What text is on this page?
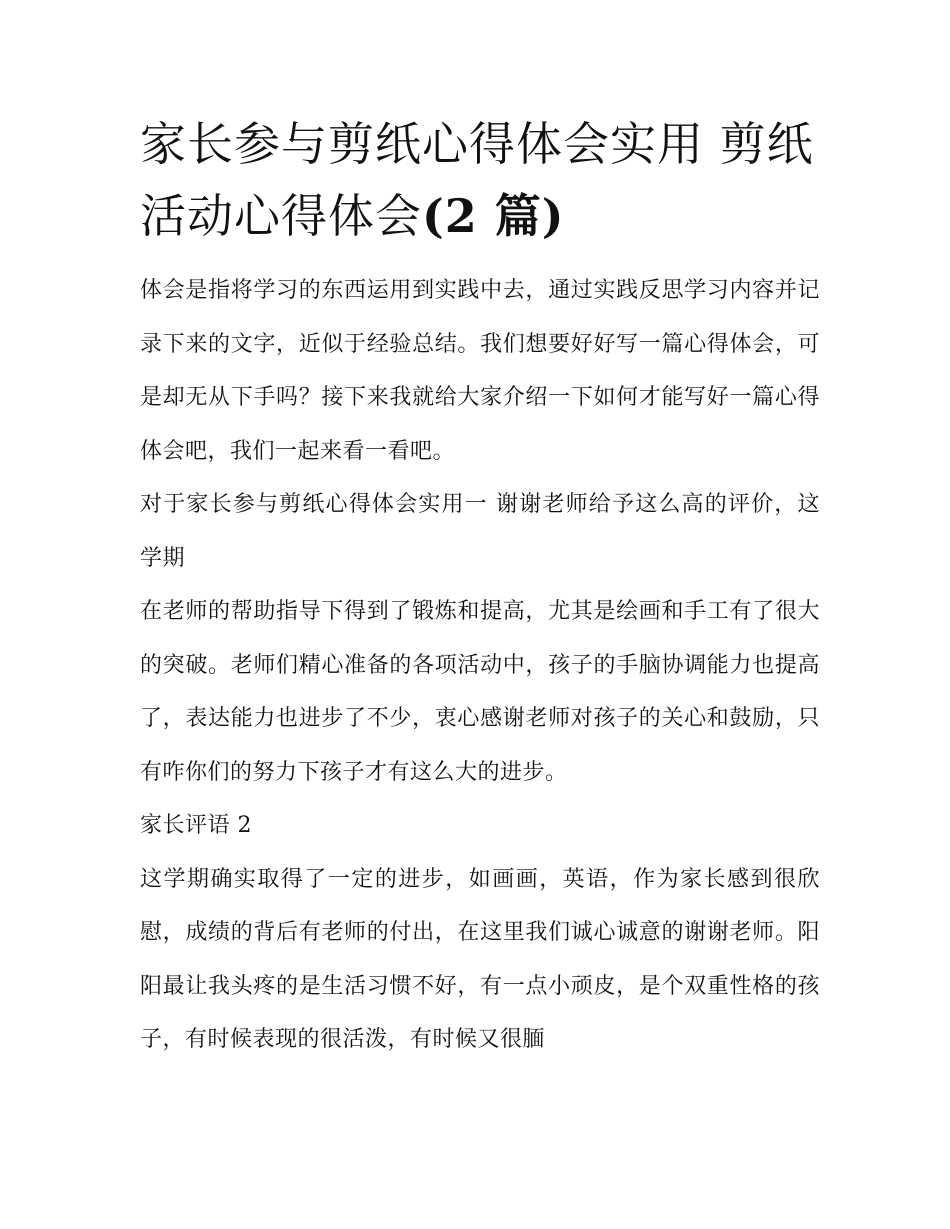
家长参与剪纸心得体会实用 剪纸活动心得体会(2 篇)

体会是指将学习的东西运用到实践中去，通过实践反思学习内容并记录下来的文字，近似于经验总结。我们想要好好写一篇心得体会，可是却无从下手吗？接下来我就给大家介绍一下如何才能写好一篇心得体会吧，我们一起来看一看吧。

对于家长参与剪纸心得体会实用一 谢谢老师给予这么高的评价，这学期

在老师的帮助指导下得到了锻炼和提高，尤其是绘画和手工有了很大的突破。老师们精心准备的各项活动中，孩子的手脑协调能力也提高了，表达能力也进步了不少，衷心感谢老师对孩子的关心和鼓励，只有咋你们的努力下孩子才有这么大的进步。

家长评语 2

这学期确实取得了一定的进步，如画画，英语，作为家长感到很欣慰，成绩的背后有老师的付出，在这里我们诚心诚意的谢谢老师。阳阳最让我头疼的是生活习惯不好，有一点小顽皮，是个双重性格的孩子，有时候表现的很活泼，有时候又很腼
